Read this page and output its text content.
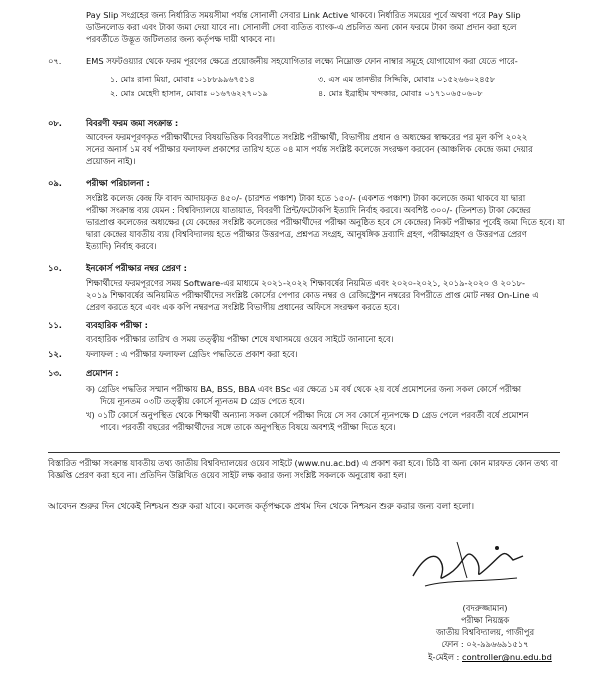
Pay Slip সংগ্রহের জন্য নির্ধারিত সময়সীমা পর্যন্ত সোনালী সেবার Link Active থাকবে। নির্ধারিত সময়ের পূর্বে অথবা পরে Pay Slip
ডাউনলোড করা এবং টাকা জমা দেয়া যাবে না। সোনালী সেবা ব্যতিত ব্যাংক-এ প্রচলিত অন্য কোন ফরমে টাকা জমা প্রদান করা হলে
পরবর্তীতে উদ্ভূত জটিলতার জন্য কর্তৃপক্ষ দায়ী থাকবে না।
০৭.	EMS সফটওয়্যার থেকে ফরম পূরণের ক্ষেত্রে প্রয়োজনীয় সহযোগিতার লক্ষ্যে নিম্নোক্ত ফোন নাম্বার সমূহে যোগাযোগ করা যেতে পারে-
১. মোঃ রানা মিয়া, মোবাঃ ০১৮৮৯৯৬৭৫১৪
২. মোঃ মেহেদী হাসান, মোবাঃ ০১৬৭৬২২৭০১৯
৩. এস এম তানভীর সিদ্দিকি, মোবাঃ ০১৫২৬৬০২৪৫৮
৪. মোঃ ইব্রাহীম খন্দকার, মোবাঃ ০১৭১০৬৫০৬০৮
০৮.	বিবরণী ফরম জমা সংক্রান্ত :
আবেদন ফরমপূরণকৃত পরীক্ষার্থীদের বিষয়ভিত্তিক বিবরণীতে সংশ্লিষ্ট পরীক্ষার্থী, বিভাগীয় প্রধান ও অধ্যক্ষের স্বাক্ষরের পর মূল কপি ২০২২
সনের অনার্স ১ম বর্ষ পরীক্ষার ফলাফল প্রকাশের তারিখ হতে ০৪ মাস পর্যন্ত সংশ্লিষ্ট কলেজে সংরক্ষণ করবেন (আঞ্চলিক কেন্দ্রে জমা দেয়ার
প্রয়োজন নাই)।
০৯.	পরীক্ষা পরিচালনা :
সংশ্লিষ্ট কলেজ কেন্দ্র ফি বাবদ আদায়কৃত ৪৫০/- (চারশত পঞ্চাশ) টাকা হতে ১৫০/- (একশত পঞ্চাশ) টাকা কলেজে জমা থাকবে যা দ্বারা
পরীক্ষা সংক্রান্ত ব্যয় যেমন : বিশ্ববিদ্যালয়ে যাতায়াত, বিবরণী প্রিন্ট/ফটোকপি ইত্যাদি নির্বাহ করবে। অবশিষ্ট ৩০০/- (তিনশত) টাকা কেন্দ্রের
ভারপ্রাপ্ত কলেজের অধ্যক্ষের (যে কেন্দ্রের সংশ্লিষ্ট কলেজের পরীক্ষার্থীদের পরীক্ষা অনুষ্ঠিত হবে সে কেন্দ্রের) নিকট পরীক্ষার পূর্বেই জমা দিতে হবে। যা
দ্বারা কেন্দ্রের যাবতীয় ব্যয় (বিশ্ববিদ্যালয় হতে পরীক্ষার উত্তরপত্র, প্রশ্নপত্র সংগ্রহ, আনুষঙ্গিক দ্রব্যাদি গ্রহণ, পরীক্ষাগ্রহণ ও উত্তরপত্র প্রেরণ
ইত্যাদি) নির্বাহ করবে।
১০.	ইনকোর্স পরীক্ষার নম্বর প্রেরণ :
শিক্ষার্থীদের ফরমপূরণের সময় Software-এর মাধ্যমে ২০২১-২০২২ শিক্ষাবর্ষের নিয়মিত এবং ২০২০-২০২১, ২০১৯-২০২০ ও ২০১৮-
২০১৯ শিক্ষাবর্ষের অনিয়মিত পরীক্ষার্থীদের সংশ্লিষ্ট কোর্সের পেপার কোড নম্বর ও রেজিস্ট্রেশন নম্বরের বিপরীতে প্রাপ্ত মোট নম্বর On-Line এ
প্রেরণ করতে হবে এবং এক কপি নম্বরপত্র সংশ্লিষ্ট বিভাগীয় প্রধানের অফিসে সংরক্ষণ করতে হবে।
১১.	ব্যবহারিক পরীক্ষা :
ব্যবহারিক পরীক্ষার তারিখ ও সময় তত্ত্বীয় পরীক্ষা শেষে যথাসময়ে ওয়েব সাইটে জানানো হবে।
১২.	ফলাফল : এ পরীক্ষার ফলাফল গ্রেডিং পদ্ধতিতে প্রকাশ করা হবে।
১৩.	প্রমোশন :
ক) গ্রেডিং পদ্ধতির সম্মান পরীক্ষায় BA, BSS, BBA এবং BSc এর ক্ষেত্রে ১ম বর্ষ থেকে ২য় বর্ষে প্রমোশনের জন্য সকল কোর্সে পরীক্ষা
দিয়ে ন্যূনতম ০৩টি তত্ত্বীয় কোর্সে ন্যূনতম D গ্রেড পেতে হবে।
খ) ০১টি কোর্সে অনুপস্থিত থেকে শিক্ষার্থী অন্যান্য সকল কোর্সে পরীক্ষা দিয়ে সে সব কোর্সে ন্যূনপক্ষে D গ্রেড পেলে পরবর্তী বর্ষে প্রমোশন
পাবে। পরবর্তী বছরের পরীক্ষার্থীদের সঙ্গে তাকে অনুপস্থিত বিষয়ে অবশ্যই পরীক্ষা দিতে হবে।
বিস্তারিত পরীক্ষা সংক্রান্ত যাবতীয় তথ্য জাতীয় বিশ্ববিদ্যালয়ের ওয়েব সাইটে (www.nu.ac.bd) এ প্রকাশ করা হবে। চিঠি বা অন্য কোন মারফত কোন তথ্য বা
বিজ্ঞপ্তি প্রেরণ করা হবে না। প্রতিদিন উল্লিখিত ওয়েব সাইট লক্ষ করার জন্য সংশ্লিষ্ট সকলকে অনুরোধ করা হল।
আবেদন শুরুর দিন থেকেই নিশ্চয়ন শুরু করা যাবে। কলেজ কর্তৃপক্ষকে প্রথম দিন থেকে নিশ্চয়ন শুরু করার জন্য বলা হলো।
(বদরুজ্জামান)
পরীক্ষা নিয়ন্ত্রক
জাতীয় বিশ্ববিদ্যালয়, গাজীপুর
ফোন : ০২-৯৯৬৬৯১৫১৭
ই-মেইল : controller@nu.edu.bd
